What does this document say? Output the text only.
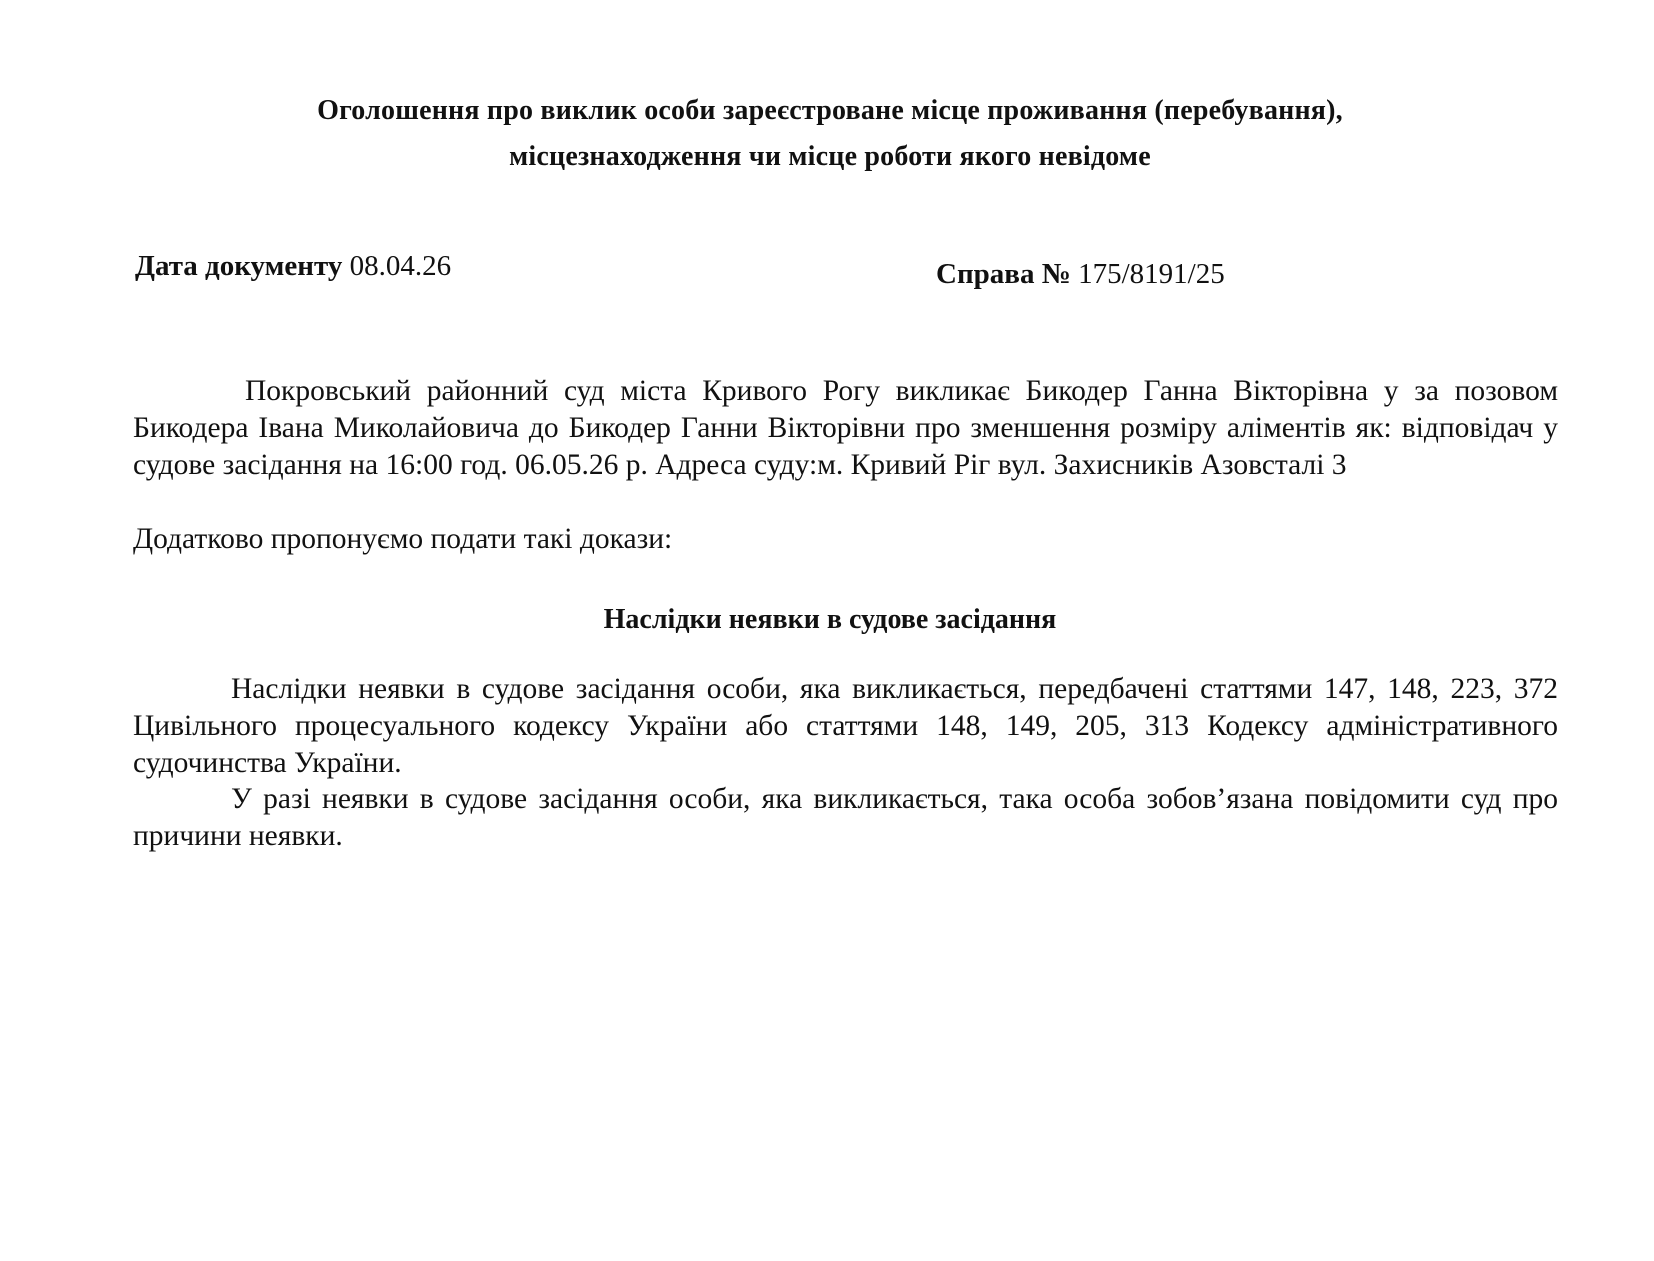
Оголошення про виклик особи зареєстроване місце проживання (перебування),
місцезнаходження чи місце роботи якого невідоме
Дата документу 08.04.26	Справа № 175/8191/25
Покровський районний суд міста Кривого Рогу викликає Бикодер Ганна Вікторівна у за позовом Бикодера Івана Миколайовича до Бикодер Ганни Вікторівни про зменшення розміру аліментів як: відповідач у судове засідання на 16:00 год. 06.05.26 р. Адреса суду:м. Кривий Ріг вул. Захисників Азовсталі 3
Додатково пропонуємо подати такі докази:
Наслідки неявки в судове засідання
Наслідки неявки в судове засідання особи, яка викликається, передбачені статтями 147, 148, 223, 372 Цивільного процесуального кодексу України або статтями 148, 149, 205, 313 Кодексу адміністративного судочинства України.
У разі неявки в судове засідання особи, яка викликається, така особа зобов’язана повідомити суд про причини неявки.
